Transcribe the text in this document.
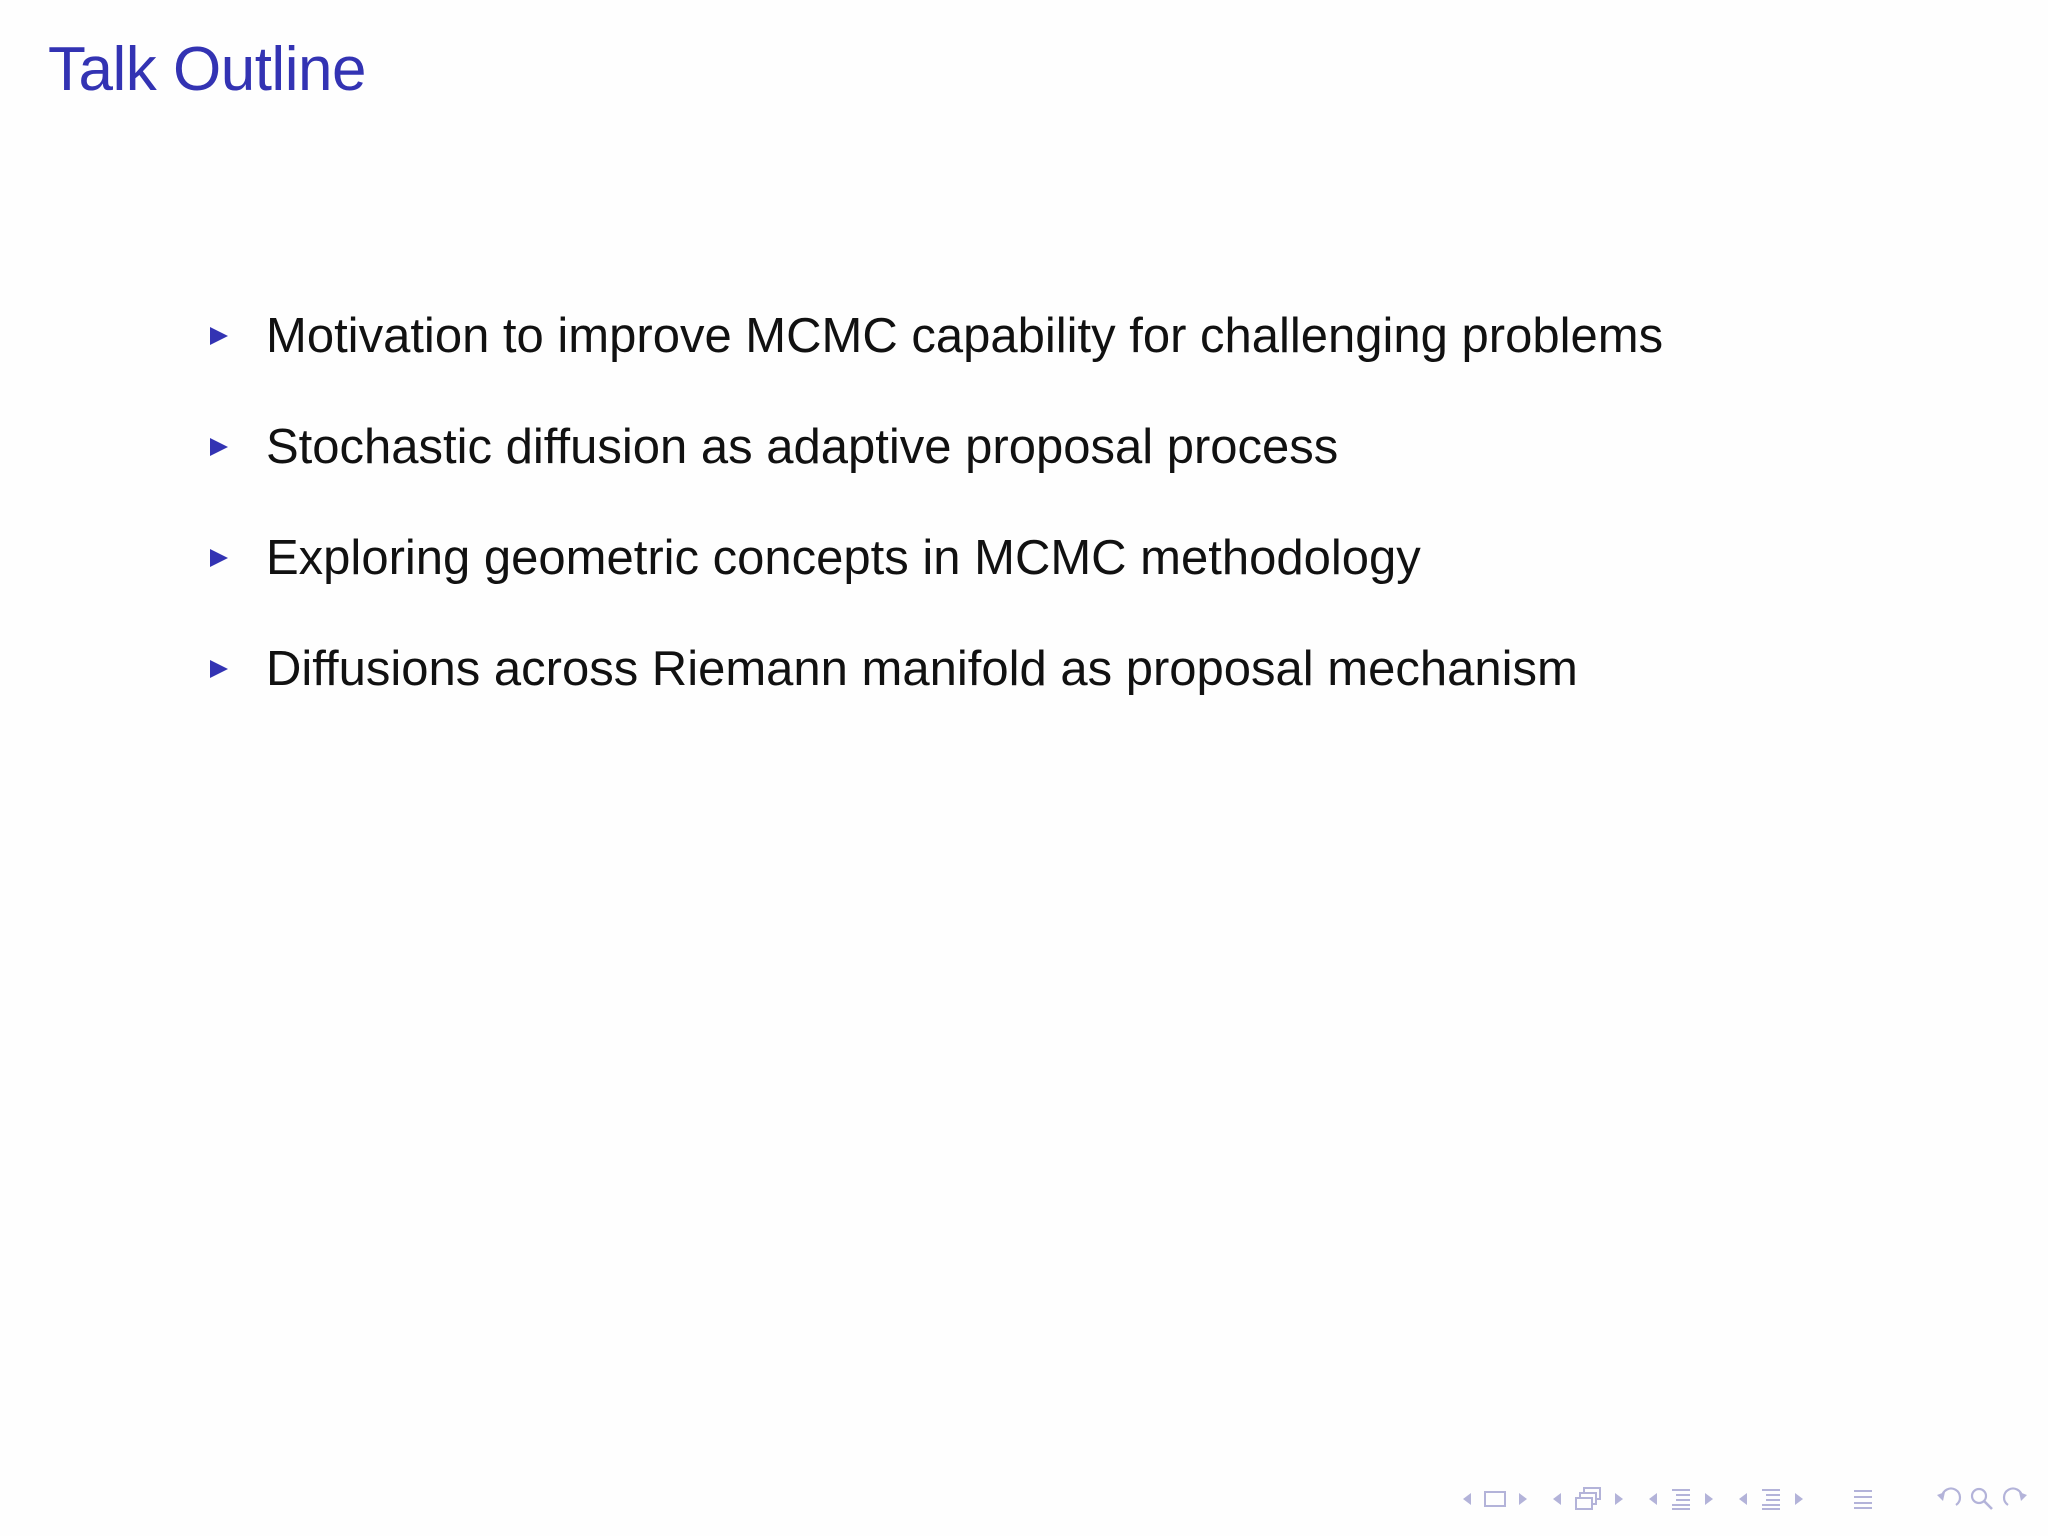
Talk Outline
Motivation to improve MCMC capability for challenging problems
Stochastic diffusion as adaptive proposal process
Exploring geometric concepts in MCMC methodology
Diffusions across Riemann manifold as proposal mechanism
